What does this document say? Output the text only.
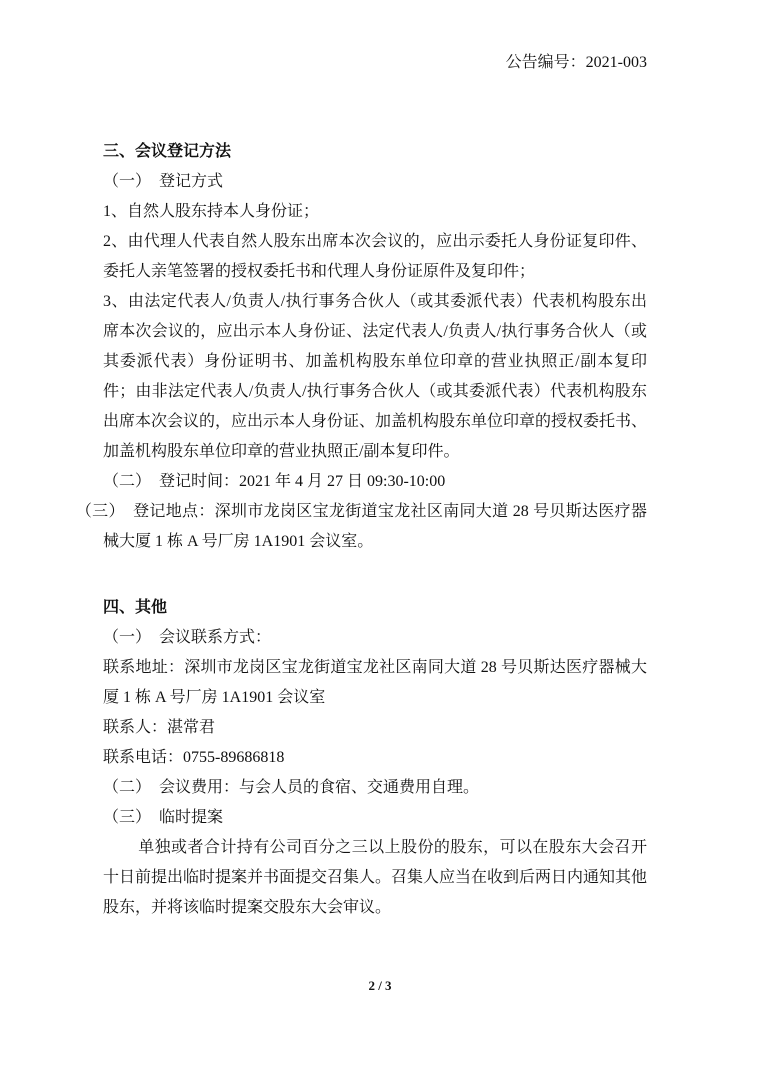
公告编号：2021-003

三、会议登记方法

（一）　登记方式

1、自然人股东持本人身份证；

2、由代理人代表自然人股东出席本次会议的，应出示委托人身份证复印件、委托人亲笔签署的授权委托书和代理人身份证原件及复印件；

3、由法定代表人/负责人/执行事务合伙人（或其委派代表）代表机构股东出席本次会议的，应出示本人身份证、法定代表人/负责人/执行事务合伙人（或其委派代表）身份证明书、加盖机构股东单位印章的营业执照正/副本复印件；由非法定代表人/负责人/执行事务合伙人（或其委派代表）代表机构股东出席本次会议的，应出示本人身份证、加盖机构股东单位印章的授权委托书、加盖机构股东单位印章的营业执照正/副本复印件。

（二）　登记时间：2021 年 4 月 27 日 09:30-10:00

（三）　登记地点：深圳市龙岗区宝龙街道宝龙社区南同大道 28 号贝斯达医疗器械大厦 1 栋 A 号厂房 1A1901 会议室。

四、其他

（一）　会议联系方式：

联系地址：深圳市龙岗区宝龙街道宝龙社区南同大道 28 号贝斯达医疗器械大厦 1 栋 A 号厂房 1A1901 会议室

联系人：湛常君

联系电话：0755-89686818

（二）　会议费用：与会人员的食宿、交通费用自理。

（三）　临时提案

单独或者合计持有公司百分之三以上股份的股东，可以在股东大会召开十日前提出临时提案并书面提交召集人。召集人应当在收到后两日内通知其他股东，并将该临时提案交股东大会审议。

2 / 3
